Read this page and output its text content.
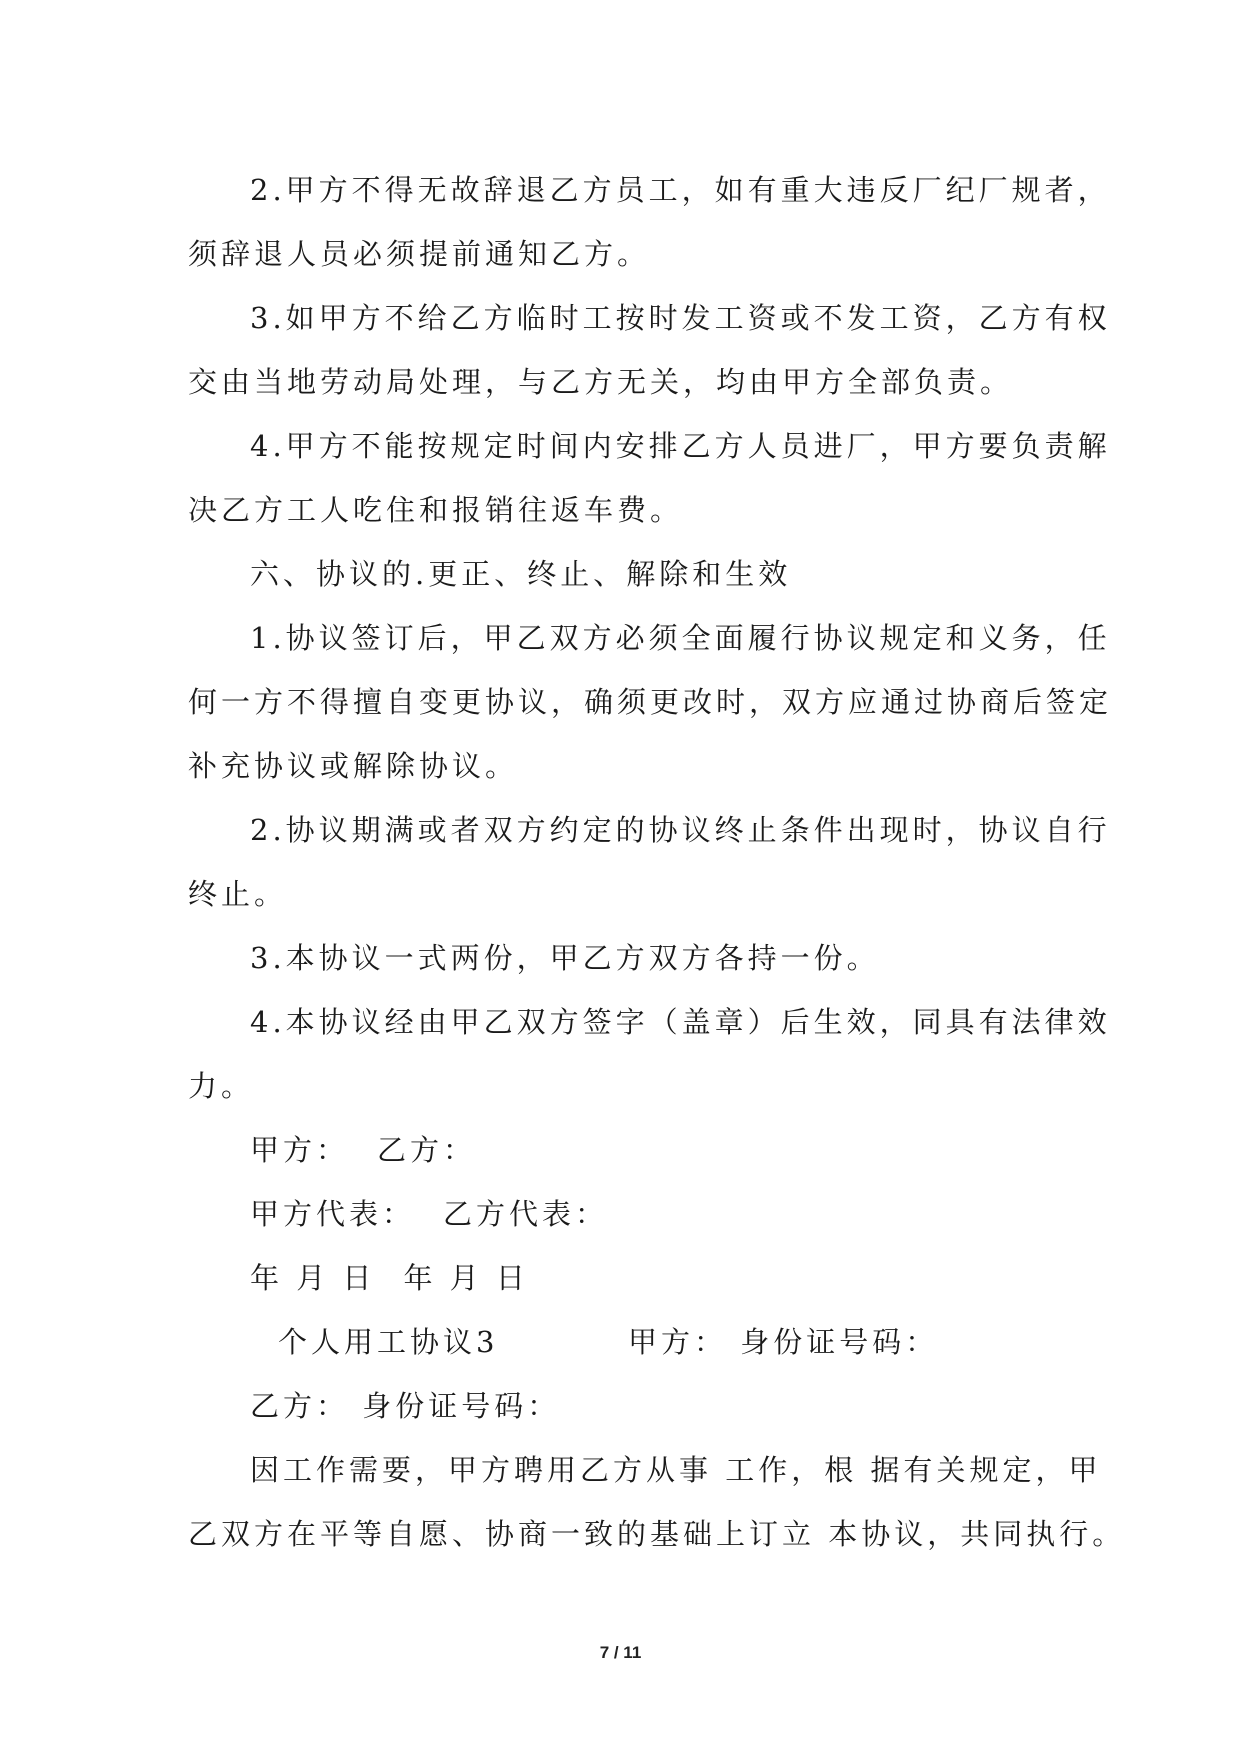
2.甲方不得无故辞退乙方员工，如有重大违反厂纪厂规者，
须辞退人员必须提前通知乙方。
3.如甲方不给乙方临时工按时发工资或不发工资，乙方有权
交由当地劳动局处理，与乙方无关，均由甲方全部负责。
4.甲方不能按规定时间内安排乙方人员进厂，甲方要负责解
决乙方工人吃住和报销往返车费。
六、协议的.更正、终止、解除和生效
1.协议签订后，甲乙双方必须全面履行协议规定和义务，任
何一方不得擅自变更协议，确须更改时，双方应通过协商后签定
补充协议或解除协议。
2.协议期满或者双方约定的协议终止条件出现时，协议自行
终止。
3.本协议一式两份，甲乙方双方各持一份。
4.本协议经由甲乙双方签字（盖章）后生效，同具有法律效
力。
甲方： 乙方：
甲方代表： 乙方代表：
年 月 日 年 月 日
个人用工协议3	甲方： 身份证号码：
乙方： 身份证号码：
因工作需要，甲方聘用乙方从事 工作，根 据有关规定，甲
乙双方在平等自愿、协商一致的基础上订立 本协议，共同执行。
7 / 11
